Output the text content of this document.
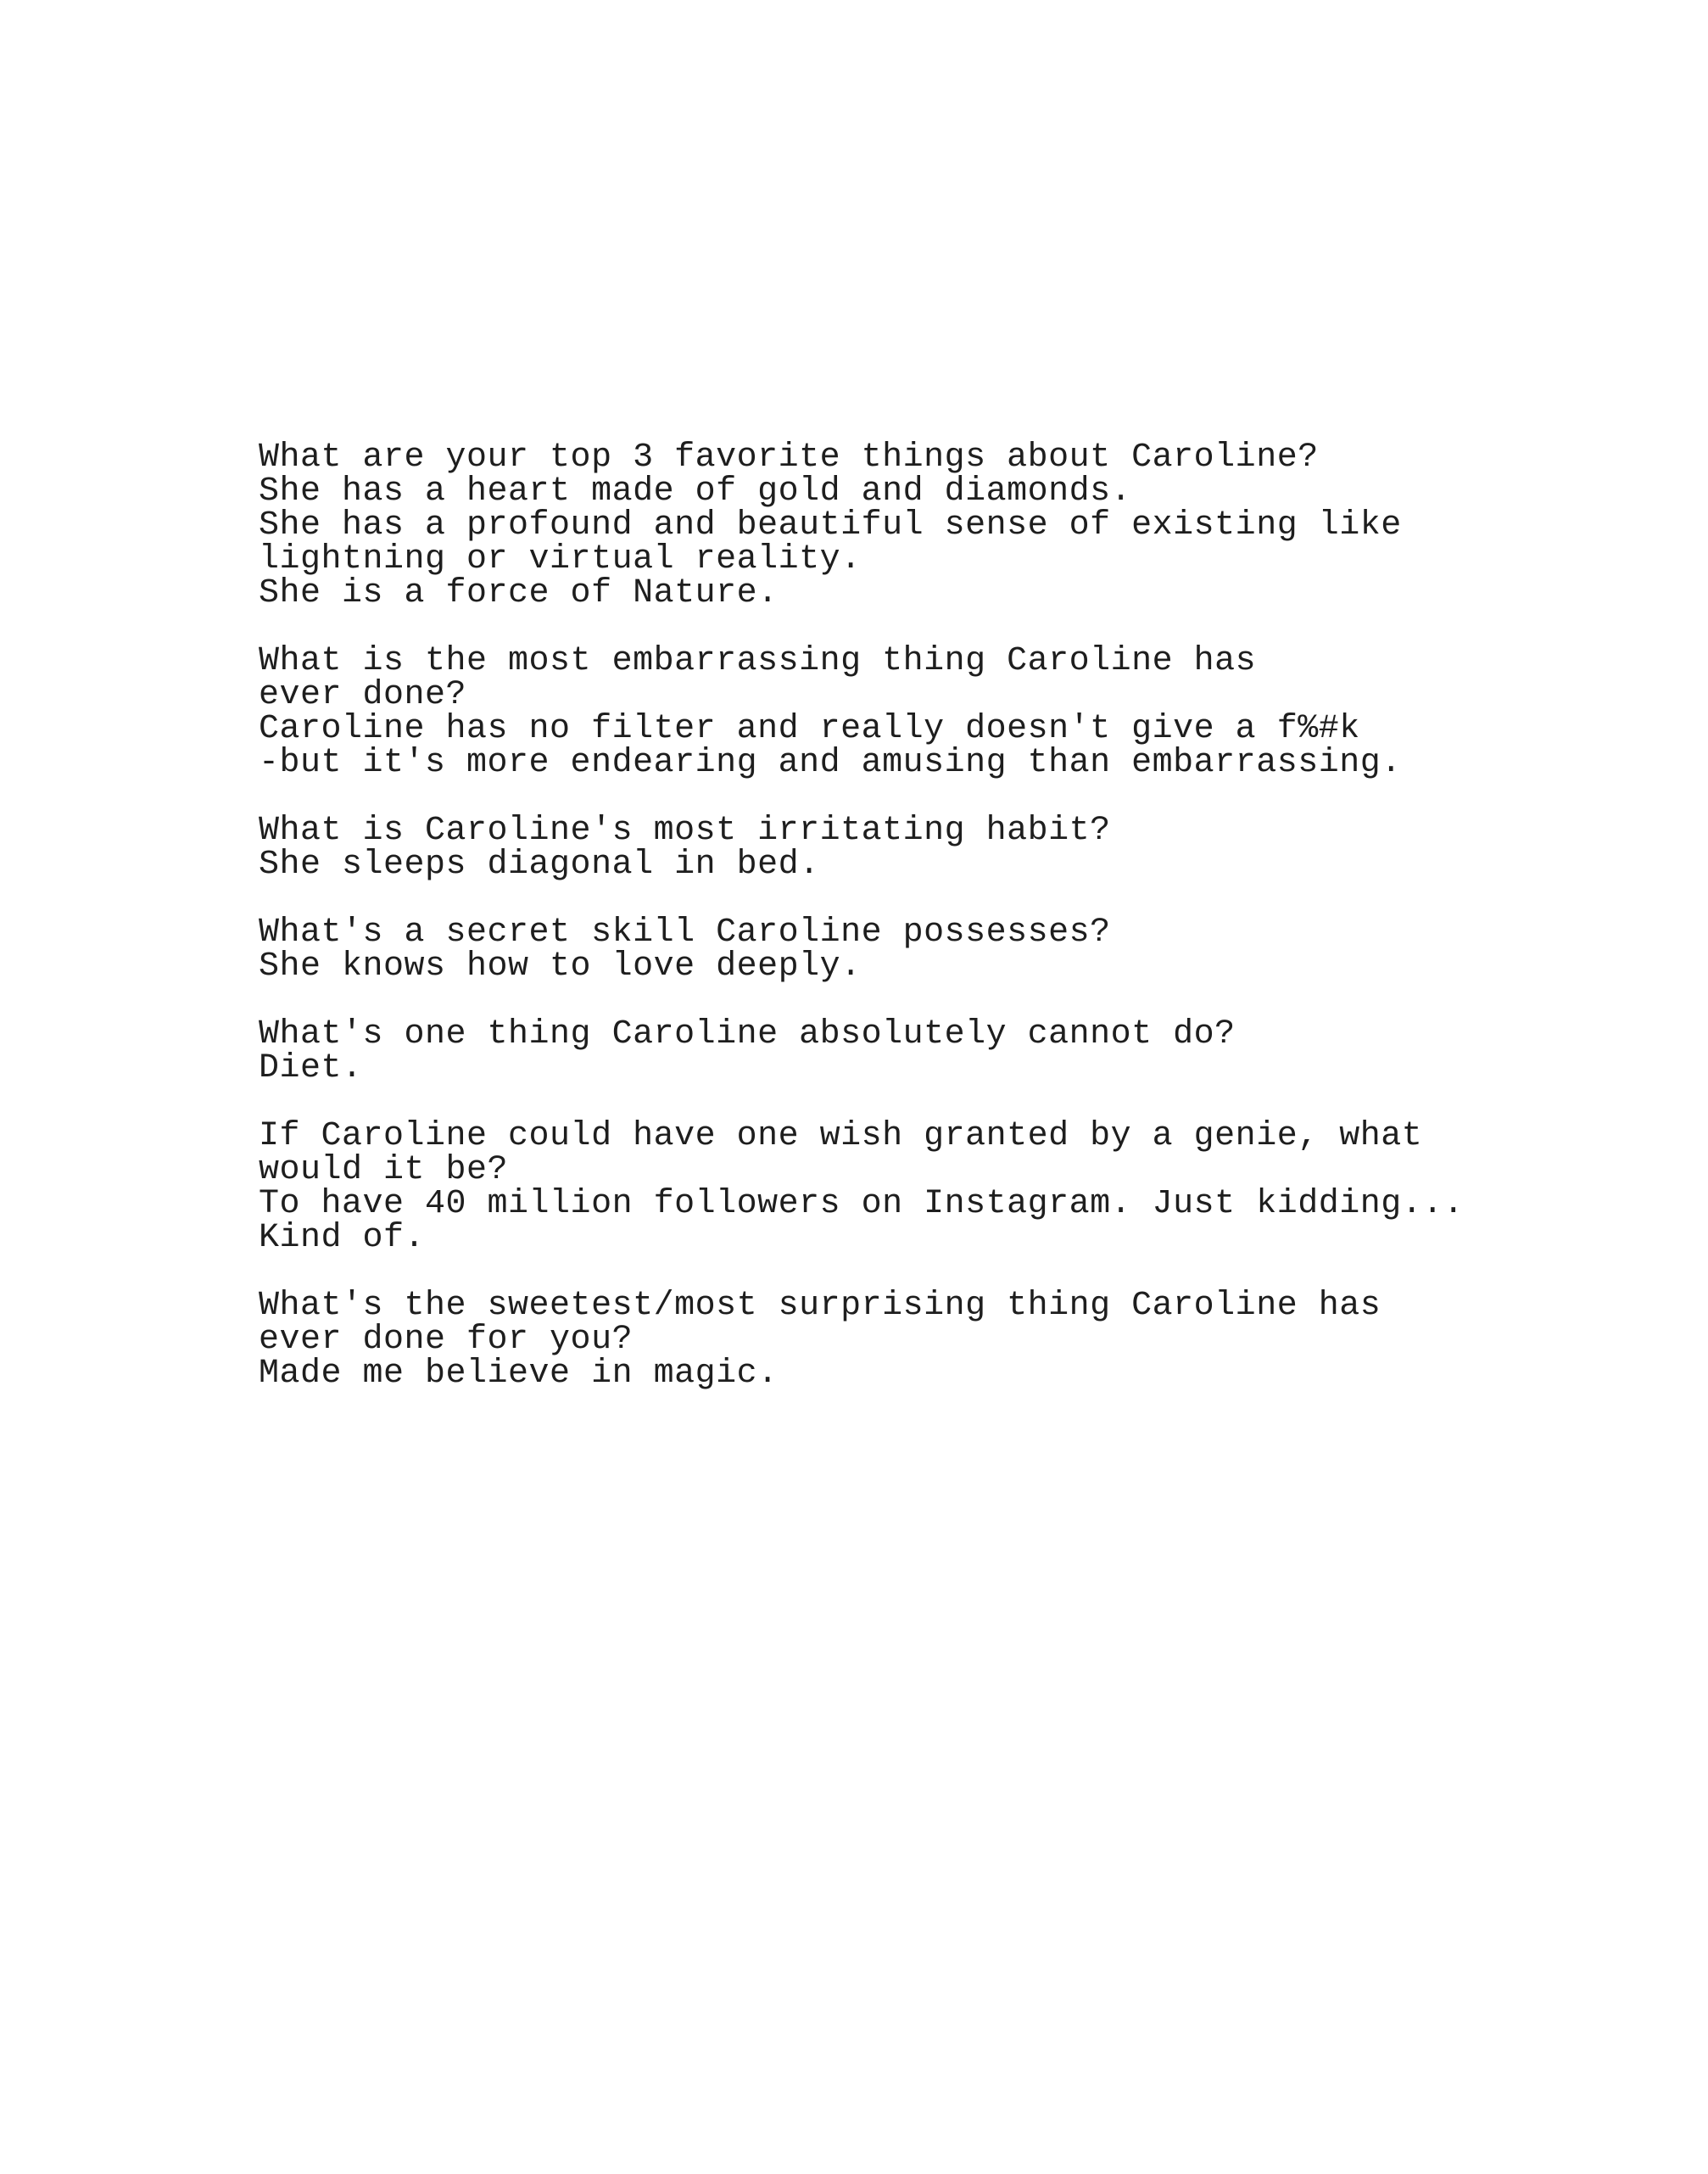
What are your top 3 favorite things about Caroline?
She has a heart made of gold and diamonds.
She has a profound and beautiful sense of existing like
lightning or virtual reality.
She is a force of Nature.
What is the most embarrassing thing Caroline has
ever done?
Caroline has no filter and really doesn't give a f%#k
-but it's more endearing and amusing than embarrassing.
What is Caroline's most irritating habit?
She sleeps diagonal in bed.
What's a secret skill Caroline possesses?
She knows how to love deeply.
What's one thing Caroline absolutely cannot do?
Diet.
If Caroline could have one wish granted by a genie, what
would it be?
To have 40 million followers on Instagram. Just kidding...
Kind of.
What's the sweetest/most surprising thing Caroline has
ever done for you?
Made me believe in magic.
